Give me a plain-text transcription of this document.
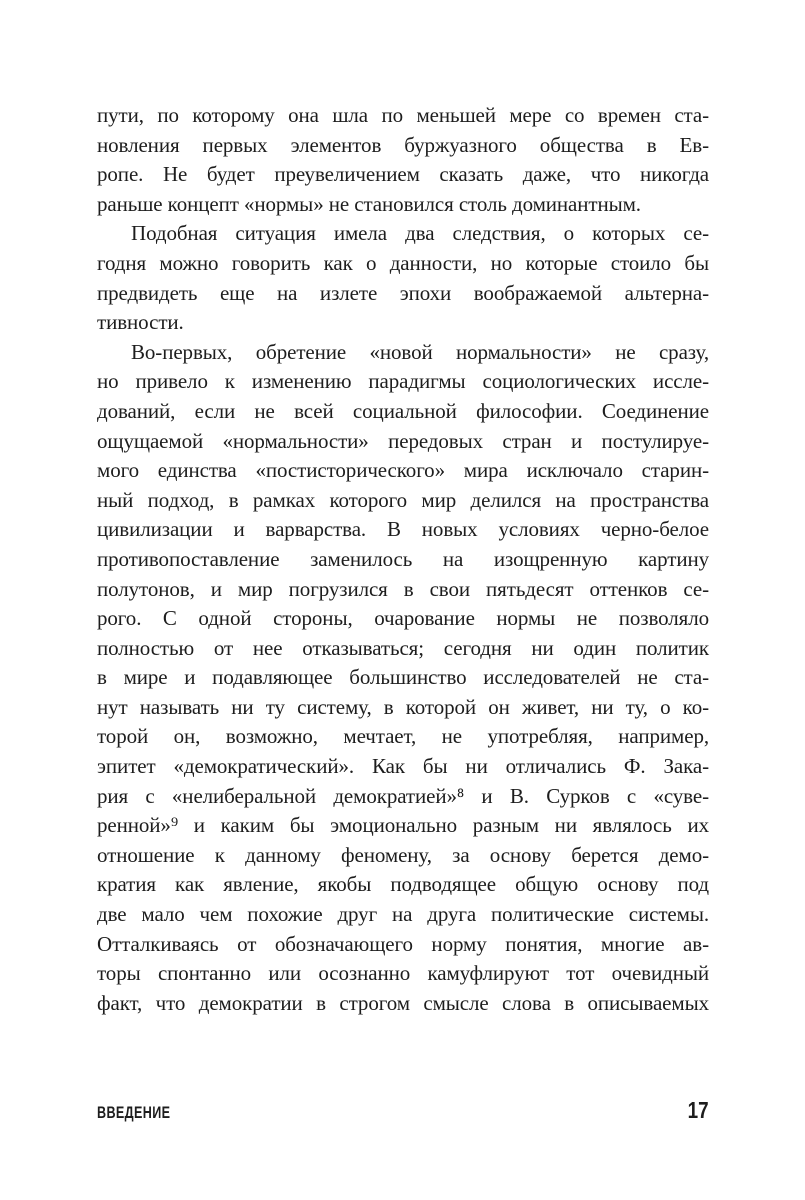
пути, по которому она шла по меньшей мере со времен ста-
новления первых элементов буржуазного общества в Ев-
ропе. Не будет преувеличением сказать даже, что никогда
раньше концепт «нормы» не становился столь доминантным.

Подобная ситуация имела два следствия, о которых се-
годня можно говорить как о данности, но которые стоило бы
предвидеть еще на излете эпохи воображаемой альтерна-
тивности.

Во-первых, обретение «новой нормальности» не сразу,
но привело к изменению парадигмы социологических иссле-
дований, если не всей социальной философии. Соединение
ощущаемой «нормальности» передовых стран и постулируе-
мого единства «постисторического» мира исключало старин-
ный подход, в рамках которого мир делился на пространства
цивилизации и варварства. В новых условиях черно-белое
противопоставление заменилось на изощренную картину
полутонов, и мир погрузился в свои пятьдесят оттенков се-
рого. С одной стороны, очарование нормы не позволяло
полностью от нее отказываться; сегодня ни один политик
в мире и подавляющее большинство исследователей не ста-
нут называть ни ту систему, в которой он живет, ни ту, о ко-
торой он, возможно, мечтает, не употребляя, например,
эпитет «демократический». Как бы ни отличались Ф. Зака-
рия с «нелиберальной демократией»⁸ и В. Сурков с «суве-
ренной»⁹ и каким бы эмоционально разным ни являлось их
отношение к данному феномену, за основу берется демо-
кратия как явление, якобы подводящее общую основу под
две мало чем похожие друг на друга политические системы.
Отталкиваясь от обозначающего норму понятия, многие ав-
торы спонтанно или осознанно камуфлируют тот очевидный
факт, что демократии в строгом смысле слова в описываемых

ВВЕДЕНИЕ	17
